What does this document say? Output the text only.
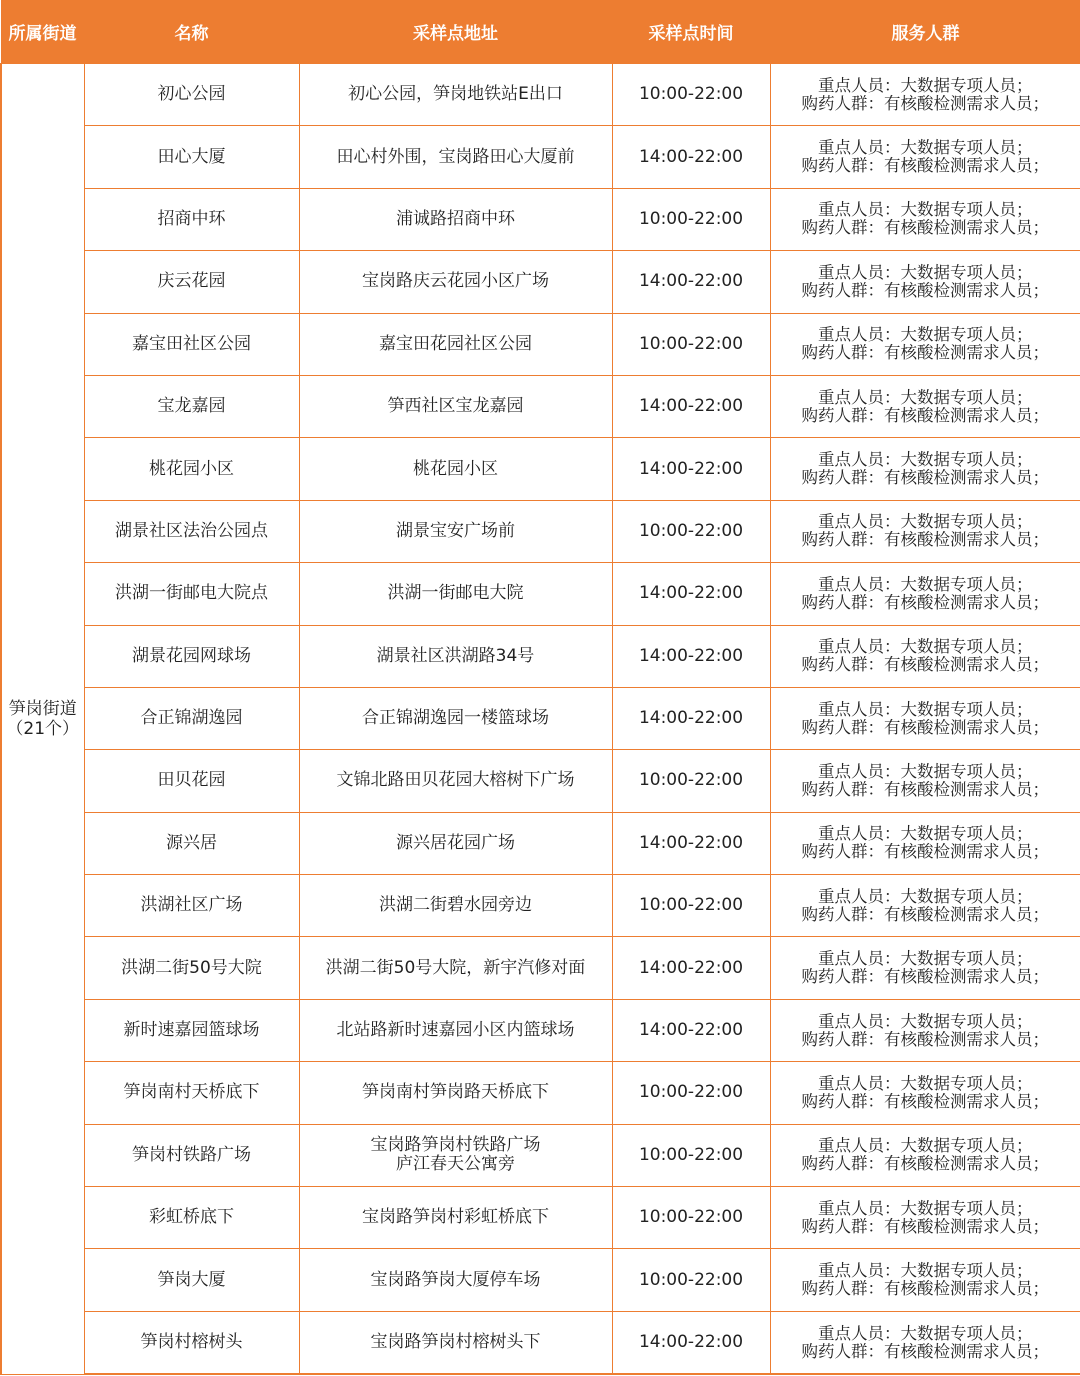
所属街道	名称	采样点地址	采样点时间	服务人群

笋岗街道
（21个）	初心公园	初心公园，笋岗地铁站E出口	10:00-22:00	重点人员：大数据专项人员；
购药人群：有核酸检测需求人员；

	田心大厦	田心村外围，宝岗路田心大厦前	14:00-22:00	重点人员：大数据专项人员；
购药人群：有核酸检测需求人员；

	招商中环	浦诚路招商中环	10:00-22:00	重点人员：大数据专项人员；
购药人群：有核酸检测需求人员；

	庆云花园	宝岗路庆云花园小区广场	14:00-22:00	重点人员：大数据专项人员；
购药人群：有核酸检测需求人员；

	嘉宝田社区公园	嘉宝田花园社区公园	10:00-22:00	重点人员：大数据专项人员；
购药人群：有核酸检测需求人员；

	宝龙嘉园	笋西社区宝龙嘉园	14:00-22:00	重点人员：大数据专项人员；
购药人群：有核酸检测需求人员；

	桃花园小区	桃花园小区	14:00-22:00	重点人员：大数据专项人员；
购药人群：有核酸检测需求人员；

	湖景社区法治公园点	湖景宝安广场前	10:00-22:00	重点人员：大数据专项人员；
购药人群：有核酸检测需求人员；

	洪湖一街邮电大院点	洪湖一街邮电大院	14:00-22:00	重点人员：大数据专项人员；
购药人群：有核酸检测需求人员；

	湖景花园网球场	湖景社区洪湖路34号	14:00-22:00	重点人员：大数据专项人员；
购药人群：有核酸检测需求人员；

	合正锦湖逸园	合正锦湖逸园一楼篮球场	14:00-22:00	重点人员：大数据专项人员；
购药人群：有核酸检测需求人员；

	田贝花园	文锦北路田贝花园大榕树下广场	10:00-22:00	重点人员：大数据专项人员；
购药人群：有核酸检测需求人员；

	源兴居	源兴居花园广场	14:00-22:00	重点人员：大数据专项人员；
购药人群：有核酸检测需求人员；

	洪湖社区广场	洪湖二街碧水园旁边	10:00-22:00	重点人员：大数据专项人员；
购药人群：有核酸检测需求人员；

	洪湖二街50号大院	洪湖二街50号大院，新宇汽修对面	14:00-22:00	重点人员：大数据专项人员；
购药人群：有核酸检测需求人员；

	新时速嘉园篮球场	北站路新时速嘉园小区内篮球场	14:00-22:00	重点人员：大数据专项人员；
购药人群：有核酸检测需求人员；

	笋岗南村天桥底下	笋岗南村笋岗路天桥底下	10:00-22:00	重点人员：大数据专项人员；
购药人群：有核酸检测需求人员；

	笋岗村铁路广场	宝岗路笋岗村铁路广场
庐江春天公寓旁	10:00-22:00	重点人员：大数据专项人员；
购药人群：有核酸检测需求人员；

	彩虹桥底下	宝岗路笋岗村彩虹桥底下	10:00-22:00	重点人员：大数据专项人员；
购药人群：有核酸检测需求人员；

	笋岗大厦	宝岗路笋岗大厦停车场	10:00-22:00	重点人员：大数据专项人员；
购药人群：有核酸检测需求人员；

	笋岗村榕树头	宝岗路笋岗村榕树头下	14:00-22:00	重点人员：大数据专项人员；
购药人群：有核酸检测需求人员；
